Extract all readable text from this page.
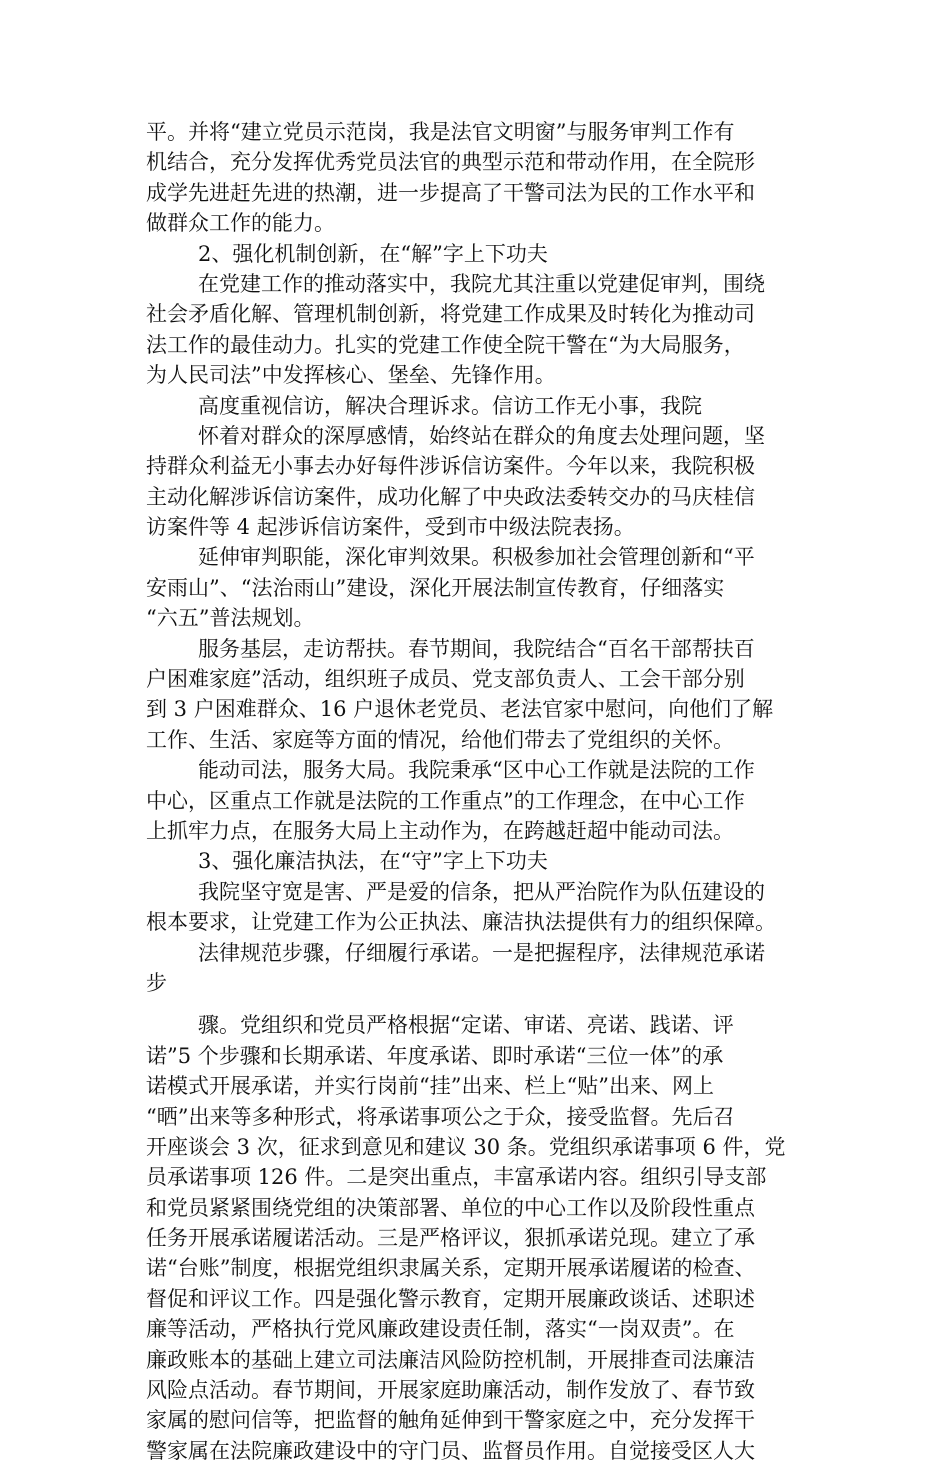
平。并将“建立党员示范岗，我是法官文明窗”与服务审判工作有
机结合，充分发挥优秀党员法官的典型示范和带动作用，在全院形
成学先进赶先进的热潮，进一步提高了干警司法为民的工作水平和
做群众工作的能力。
2、强化机制创新，在“解”字上下功夫
在党建工作的推动落实中，我院尤其注重以党建促审判，围绕
社会矛盾化解、管理机制创新，将党建工作成果及时转化为推动司
法工作的最佳动力。扎实的党建工作使全院干警在“为大局服务，
为人民司法”中发挥核心、堡垒、先锋作用。
高度重视信访，解决合理诉求。信访工作无小事，我院
怀着对群众的深厚感情，始终站在群众的角度去处理问题，坚
持群众利益无小事去办好每件涉诉信访案件。今年以来，我院积极
主动化解涉诉信访案件，成功化解了中央政法委转交办的马庆桂信
访案件等 4 起涉诉信访案件，受到市中级法院表扬。
延伸审判职能，深化审判效果。积极参加社会管理创新和“平
安雨山”、“法治雨山”建设，深化开展法制宣传教育，仔细落实
“六五”普法规划。
服务基层，走访帮扶。春节期间，我院结合“百名干部帮扶百
户困难家庭”活动，组织班子成员、党支部负责人、工会干部分别
到 3 户困难群众、16 户退休老党员、老法官家中慰问，向他们了解
工作、生活、家庭等方面的情况，给他们带去了党组织的关怀。
能动司法，服务大局。我院秉承“区中心工作就是法院的工作
中心，区重点工作就是法院的工作重点”的工作理念，在中心工作
上抓牢力点，在服务大局上主动作为，在跨越赶超中能动司法。
3、强化廉洁执法，在“守”字上下功夫
我院坚守宽是害、严是爱的信条，把从严治院作为队伍建设的
根本要求，让党建工作为公正执法、廉洁执法提供有力的组织保障。
法律规范步骤，仔细履行承诺。一是把握程序，法律规范承诺
步
骤。党组织和党员严格根据“定诺、审诺、亮诺、践诺、评
诺”5 个步骤和长期承诺、年度承诺、即时承诺“三位一体”的承
诺模式开展承诺，并实行岗前“挂”出来、栏上“贴”出来、网上
“晒”出来等多种形式，将承诺事项公之于众，接受监督。先后召
开座谈会 3 次，征求到意见和建议 30 条。党组织承诺事项 6 件，党
员承诺事项 126 件。二是突出重点，丰富承诺内容。组织引导支部
和党员紧紧围绕党组的决策部署、单位的中心工作以及阶段性重点
任务开展承诺履诺活动。三是严格评议，狠抓承诺兑现。建立了承
诺“台账”制度，根据党组织隶属关系，定期开展承诺履诺的检查、
督促和评议工作。四是强化警示教育，定期开展廉政谈话、述职述
廉等活动，严格执行党风廉政建设责任制，落实“一岗双责”。在
廉政账本的基础上建立司法廉洁风险防控机制，开展排查司法廉洁
风险点活动。春节期间，开展家庭助廉活动，制作发放了、春节致
家属的慰问信等，把监督的触角延伸到干警家庭之中，充分发挥干
警家属在法院廉政建设中的守门员、监督员作用。自觉接受区人大
